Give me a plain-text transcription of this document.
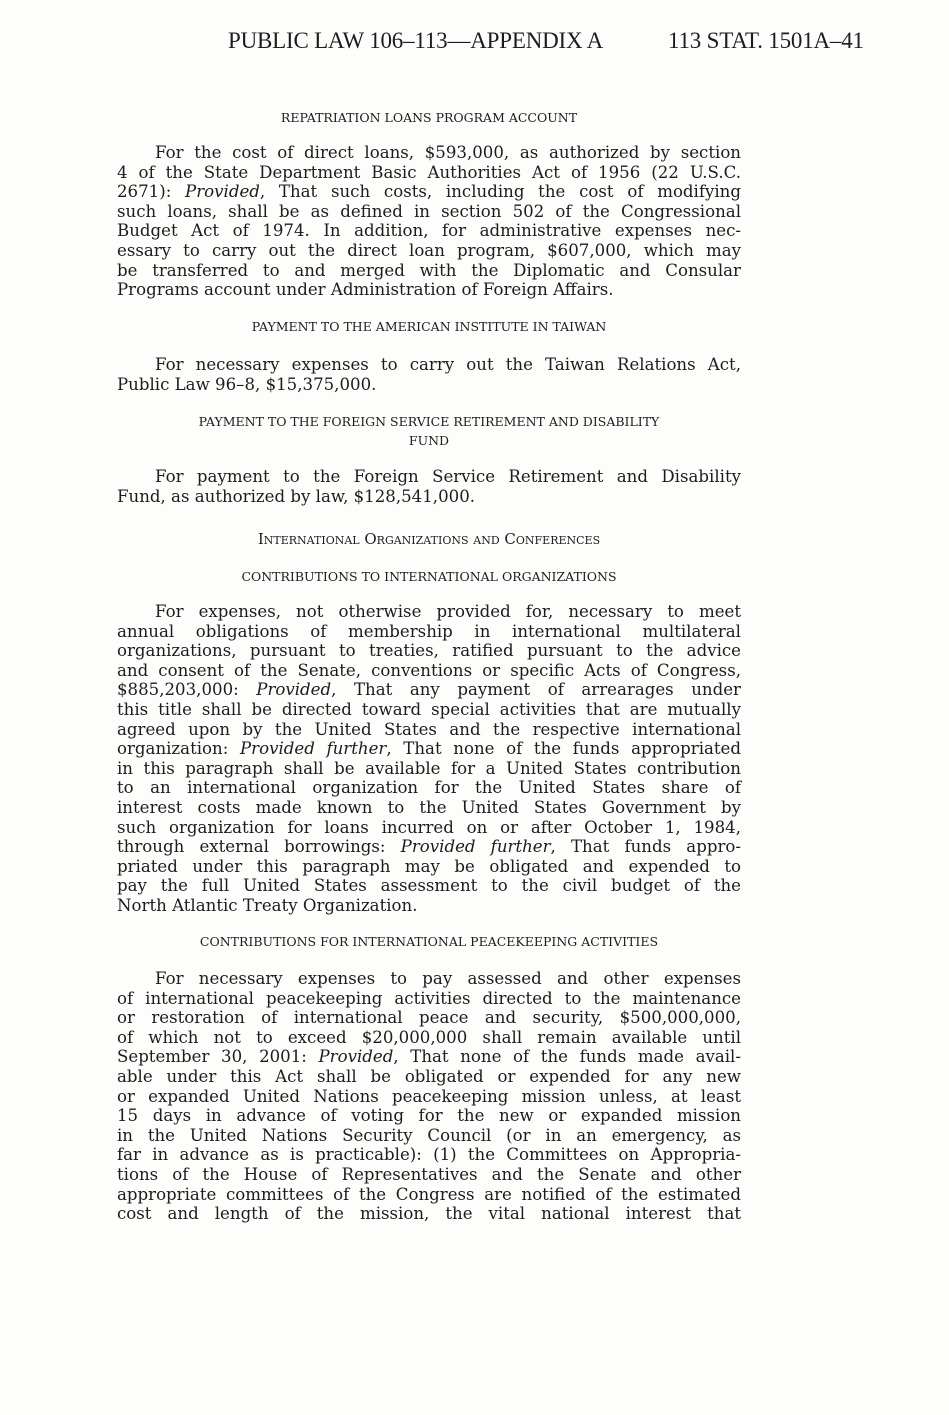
PUBLIC LAW 106–113—APPENDIX A	113 STAT. 1501A–41
REPATRIATION LOANS PROGRAM ACCOUNT
For the cost of direct loans, $593,000, as authorized by section
4 of the State Department Basic Authorities Act of 1956 (22 U.S.C.
2671): Provided, That such costs, including the cost of modifying
such loans, shall be as defined in section 502 of the Congressional
Budget Act of 1974. In addition, for administrative expenses nec-
essary to carry out the direct loan program, $607,000, which may
be transferred to and merged with the Diplomatic and Consular
Programs account under Administration of Foreign Affairs.
PAYMENT TO THE AMERICAN INSTITUTE IN TAIWAN
For necessary expenses to carry out the Taiwan Relations Act,
Public Law 96–8, $15,375,000.
PAYMENT TO THE FOREIGN SERVICE RETIREMENT AND DISABILITY
FUND
For payment to the Foreign Service Retirement and Disability
Fund, as authorized by law, $128,541,000.
International Organizations and Conferences
CONTRIBUTIONS TO INTERNATIONAL ORGANIZATIONS
For expenses, not otherwise provided for, necessary to meet
annual obligations of membership in international multilateral
organizations, pursuant to treaties, ratified pursuant to the advice
and consent of the Senate, conventions or specific Acts of Congress,
$885,203,000: Provided, That any payment of arrearages under
this title shall be directed toward special activities that are mutually
agreed upon by the United States and the respective international
organization: Provided further, That none of the funds appropriated
in this paragraph shall be available for a United States contribution
to an international organization for the United States share of
interest costs made known to the United States Government by
such organization for loans incurred on or after October 1, 1984,
through external borrowings: Provided further, That funds appro-
priated under this paragraph may be obligated and expended to
pay the full United States assessment to the civil budget of the
North Atlantic Treaty Organization.
CONTRIBUTIONS FOR INTERNATIONAL PEACEKEEPING ACTIVITIES
For necessary expenses to pay assessed and other expenses
of international peacekeeping activities directed to the maintenance
or restoration of international peace and security, $500,000,000,
of which not to exceed $20,000,000 shall remain available until
September 30, 2001: Provided, That none of the funds made avail-
able under this Act shall be obligated or expended for any new
or expanded United Nations peacekeeping mission unless, at least
15 days in advance of voting for the new or expanded mission
in the United Nations Security Council (or in an emergency, as
far in advance as is practicable): (1) the Committees on Appropria-
tions of the House of Representatives and the Senate and other
appropriate committees of the Congress are notified of the estimated
cost and length of the mission, the vital national interest that
